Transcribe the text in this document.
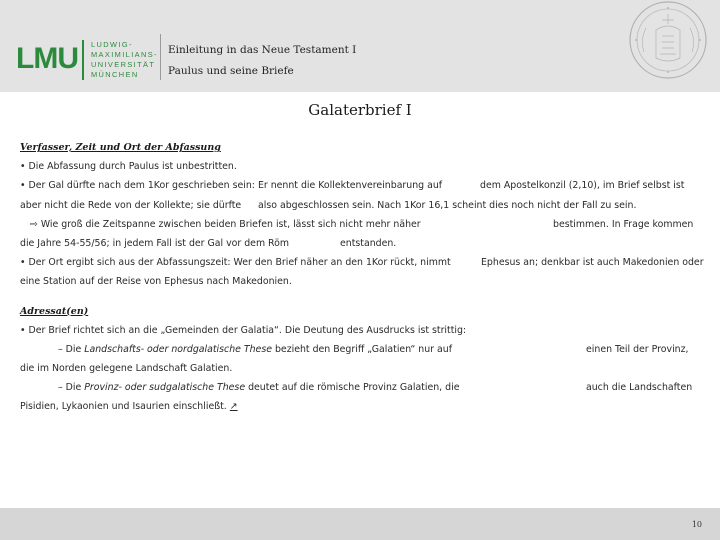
LMU LUDWIG-
MAXIMILIANS-
UNIVERSITÄT
MÜNCHEN
Einleitung in das Neue Testament I
Paulus und seine Briefe
Galaterbrief I
Verfasser, Zeit und Ort der Abfassung
• Die Abfassung durch Paulus ist unbestritten.
• Der Gal dürfte nach dem 1Kor geschrieben sein: Er nennt die Kollektenvereinbarung auf	dem Apostelkonzil (2,10), im Brief selbst ist
aber nicht die Rede von der Kollekte; sie dürfte also abgeschlossen sein. Nach 1Kor 16,1 scheint dies noch nicht der Fall zu sein.
⇨ Wie groß die Zeitspanne zwischen beiden Briefen ist, lässt sich nicht mehr näher	bestimmen. In Frage kommen
die Jahre 54-55/56; in jedem Fall ist der Gal vor dem Röm	entstanden.
• Der Ort ergibt sich aus der Abfassungszeit: Wer den Brief näher an den 1Kor rückt, nimmt	Ephesus an; denkbar ist auch Makedonien oder
eine Station auf der Reise von Ephesus nach Makedonien.
Adressat(en)
• Der Brief richtet sich an die „Gemeinden der Galatia“. Die Deutung des Ausdrucks ist strittig:
– Die Landschafts- oder nordgalatische These bezieht den Begriff „Galatien“ nur auf	einen Teil der Provinz,
die im Norden gelegene Landschaft Galatien.
– Die Provinz- oder sudgalatische These deutet auf die römische Provinz Galatien, die	auch die Landschaften
Pisidien, Lykaonien und Isaurien einschließt. ↗
10
